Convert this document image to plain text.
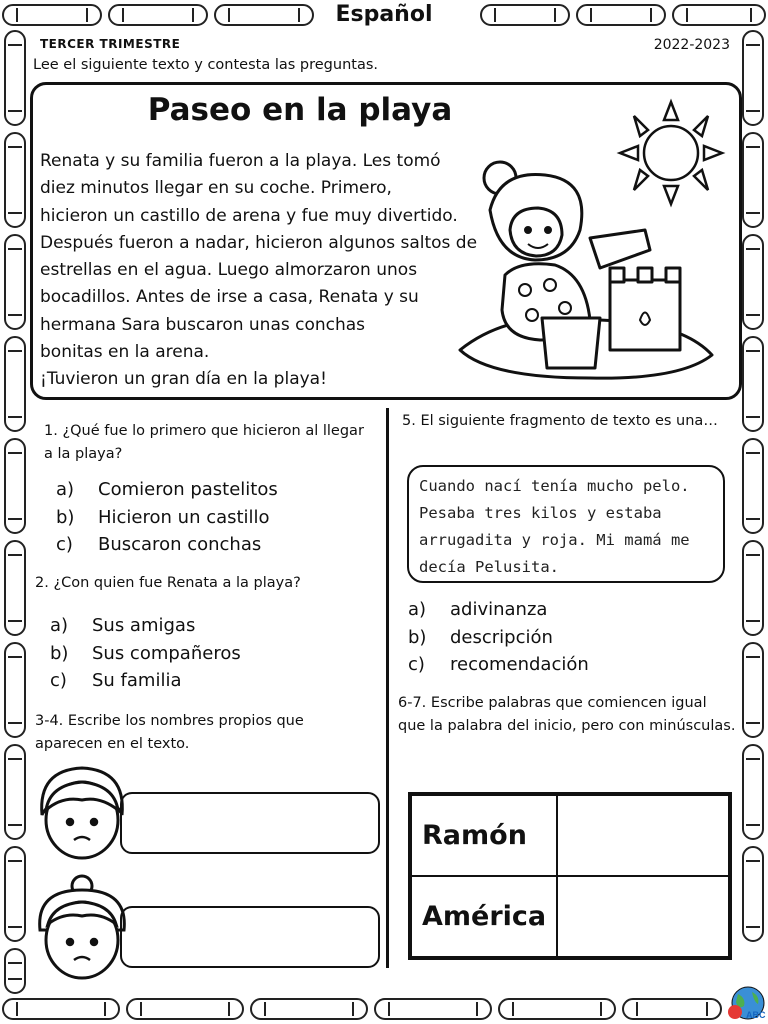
Español
TERCER TRIMESTRE	2022-2023
Lee el siguiente texto y contesta las preguntas.
Paseo en la playa

Renata y su familia fueron a la playa. Les tomó

diez minutos llegar en su coche. Primero,

hicieron un castillo de arena y fue muy divertido.

Después fueron a nadar, hicieron algunos saltos de

estrellas en el agua. Luego almorzaron unos

bocadillos. Antes de irse a casa, Renata y su

hermana Sara buscaron unas conchas

bonitas en la arena.

¡Tuvieron un gran día en la playa!

1. ¿Qué fue lo primero que hicieron al llegar a la playa?
a) Comieron pastelitos
b) Hicieron un castillo
c) Buscaron conchas
2. ¿Con quien fue Renata a la playa?
a) Sus amigas
b) Sus compañeros
c) Su familia
3-4. Escribe los nombres propios que aparecen en el texto.
5. El siguiente fragmento de texto es una…
Cuando nací tenía mucho pelo. Pesaba tres kilos y estaba arrugadita y roja. Mi mamá me decía Pelusita.
a) adivinanza
b) descripción
c) recomendación
6-7. Escribe palabras que comiencen igual que la palabra del inicio, pero con minúsculas.
Ramón	
América	
ABC
